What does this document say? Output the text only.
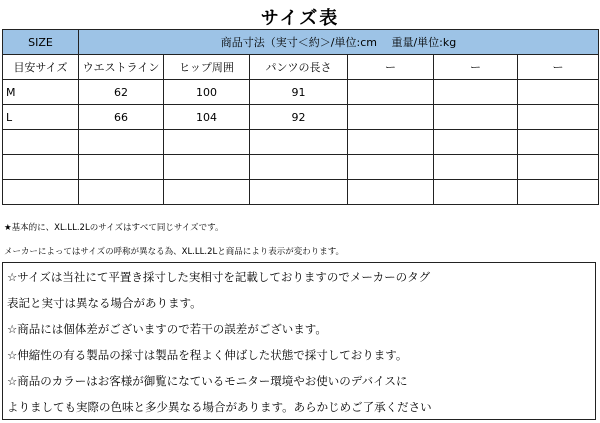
サイズ表
SIZE	商品寸法（実寸＜約＞/単位:cm　 重量/単位:kg					
目安サイズ	ウエストライン	ヒップ周囲	パンツの長さ	ー	ー	ー
M	62	100	91			
L	66	104	92			

★基本的に、XL.LL.2Lのサイズはすべて同じサイズです。
メーカーによってはサイズの呼称が異なる為、XL.LL.2Lと商品により表示が変わります。
☆サイズは当社にて平置き採寸した実相寸を記載しておりますのでメーカーのタグ
表記と実寸は異なる場合があります。
☆商品には個体差がございますので若干の誤差がございます。
☆伸縮性の有る製品の採寸は製品を程よく伸ばした状態で採寸しております。
☆商品のカラーはお客様が御覧になているモニター環境やお使いのデバイスに
よりましても実際の色味と多少異なる場合があります。あらかじめご了承ください
